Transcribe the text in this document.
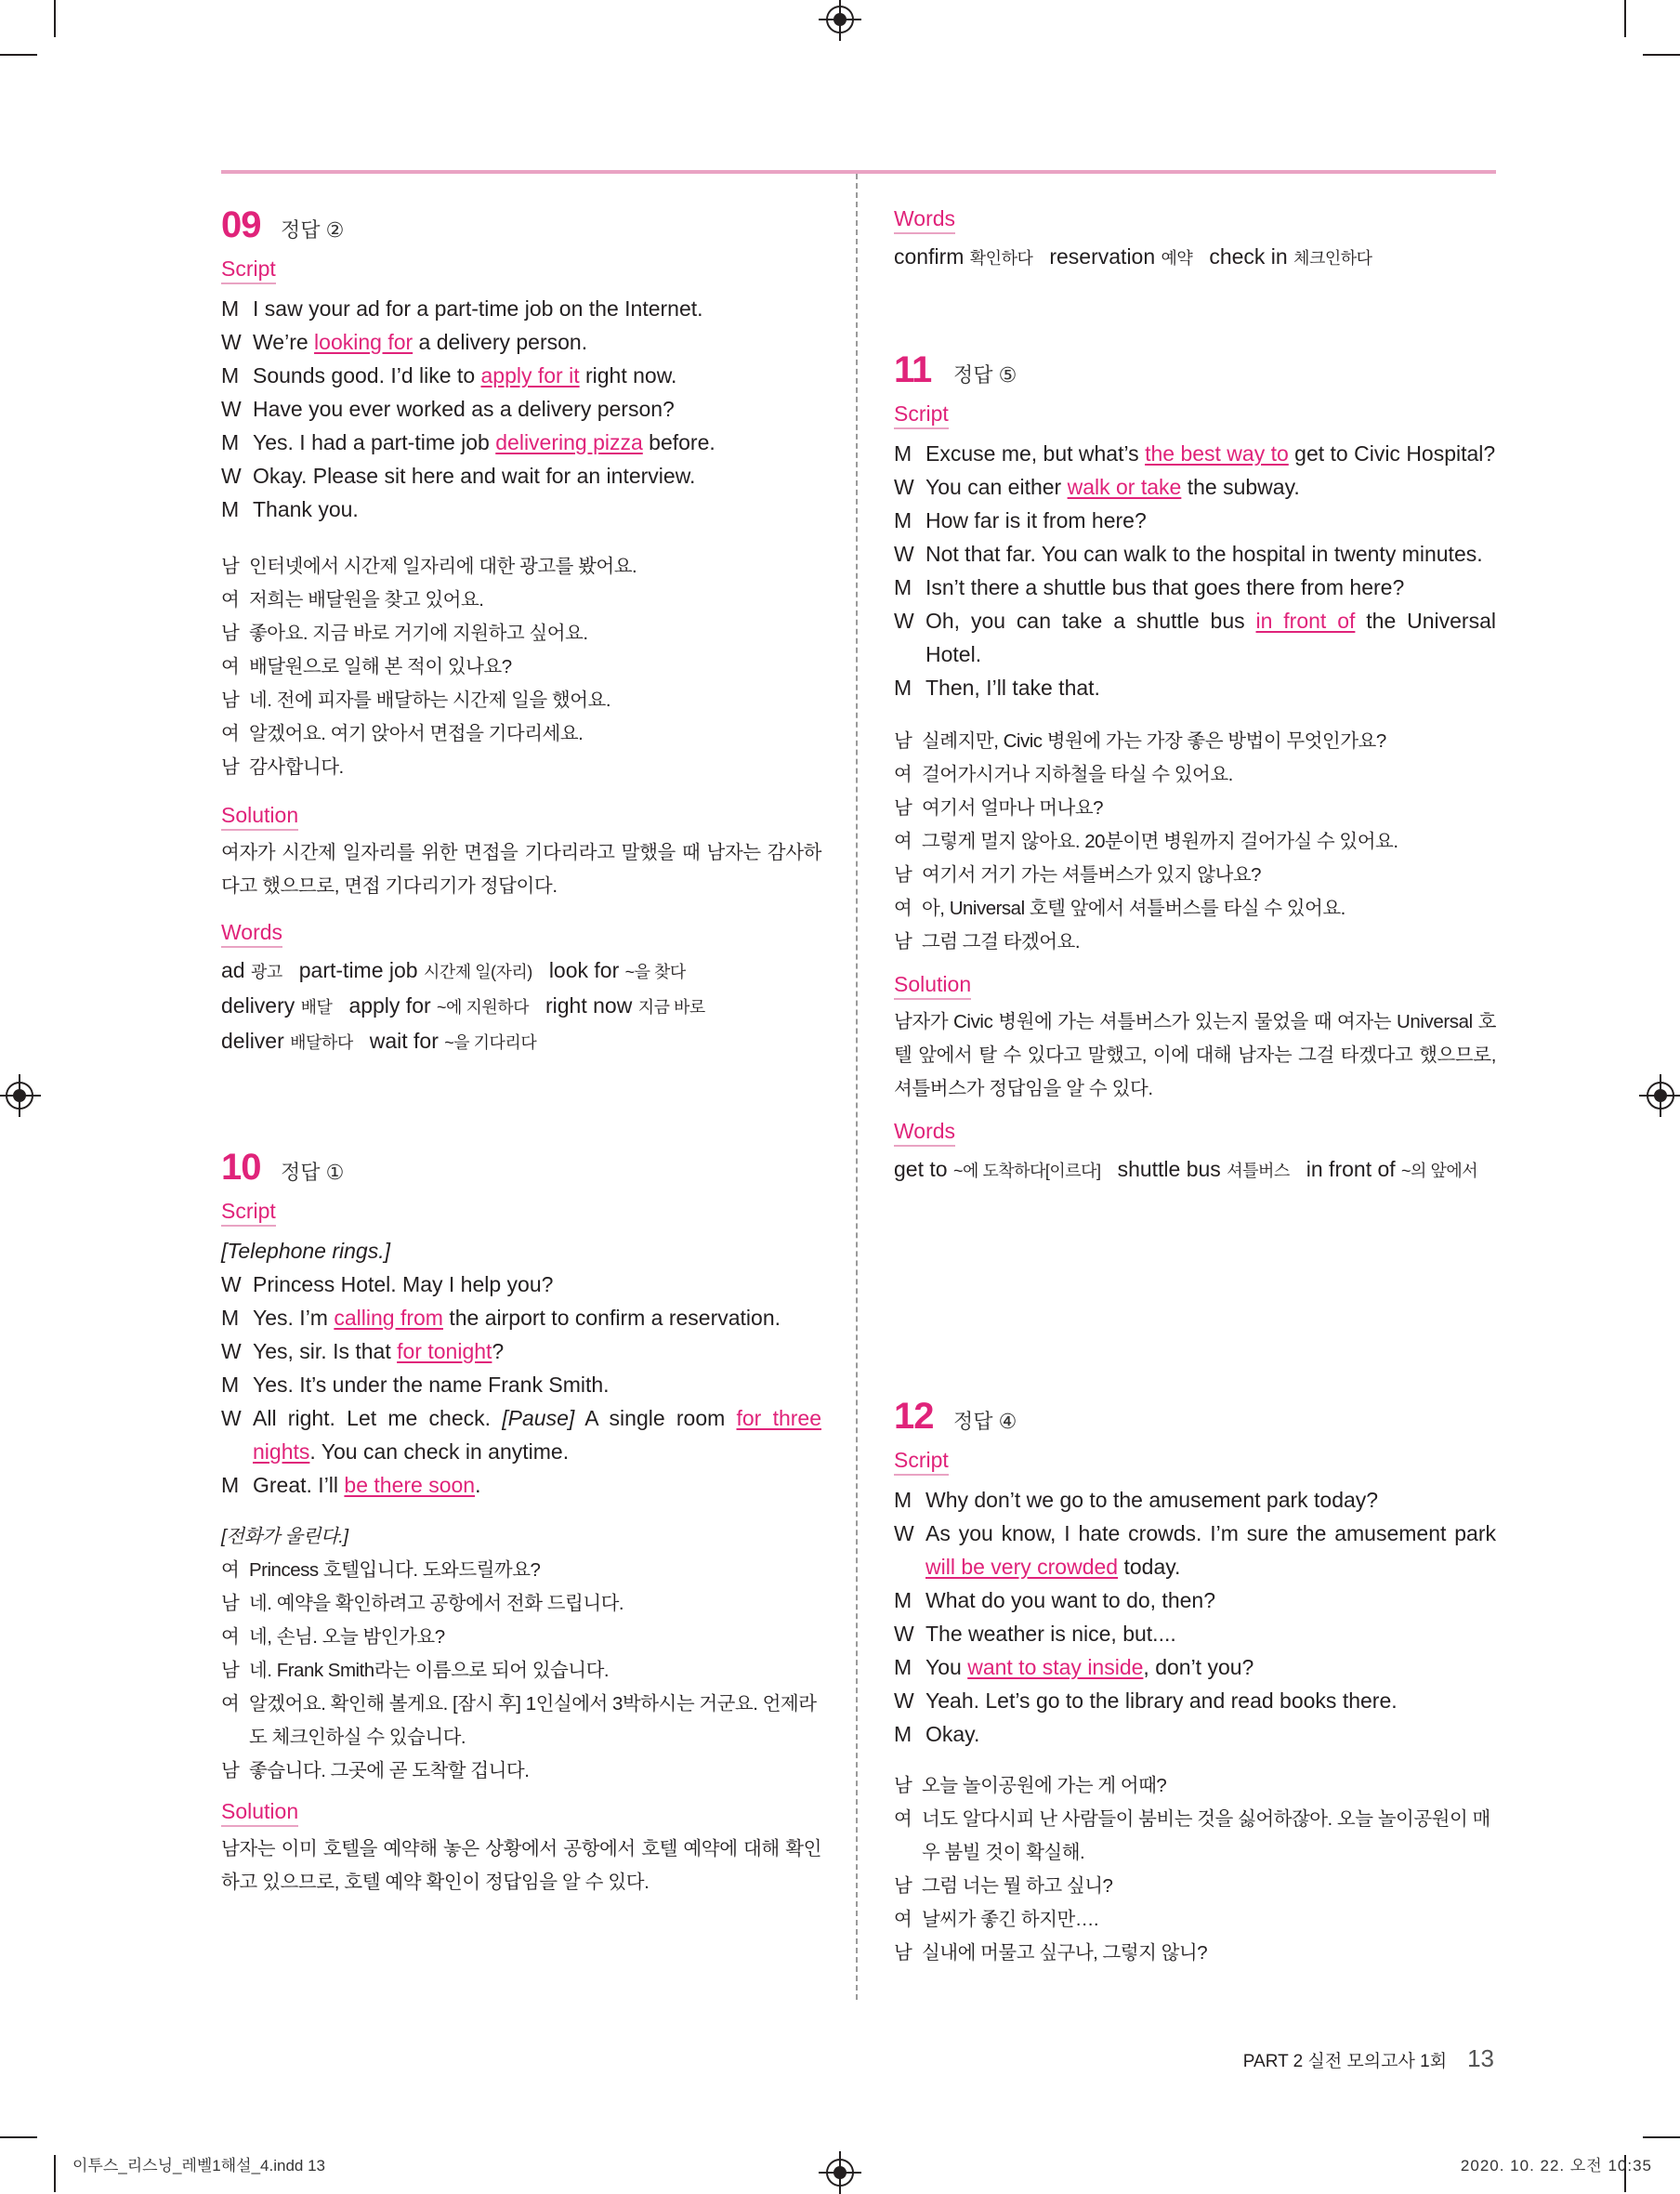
09 정답 ②
Script
M I saw your ad for a part-time job on the Internet.
W We’re looking for a delivery person.
M Sounds good. I’d like to apply for it right now.
W Have you ever worked as a delivery person?
M Yes. I had a part-time job delivering pizza before.
W Okay. Please sit here and wait for an interview.
M Thank you.
남 인터넷에서 시간제 일자리에 대한 광고를 봤어요.
여 저희는 배달원을 찾고 있어요.
남 좋아요. 지금 바로 거기에 지원하고 싶어요.
여 배달원으로 일해 본 적이 있나요?
남 네. 전에 피자를 배달하는 시간제 일을 했어요.
여 알겠어요. 여기 앉아서 면접을 기다리세요.
남 감사합니다.
Solution
여자가 시간제 일자리를 위한 면접을 기다리라고 말했을 때 남자는 감사하다고 했으므로, 면접 기다리기가 정답이다.
Words
ad 광고 part-time job 시간제 일(자리) look for ~을 찾다
delivery 배달 apply for ~에 지원하다 right now 지금 바로
deliver 배달하다 wait for ~을 기다리다
10 정답 ①
Script
[Telephone rings.]
W Princess Hotel. May I help you?
M Yes. I’m calling from the airport to confirm a reservation.
W Yes, sir. Is that for tonight?
M Yes. It’s under the name Frank Smith.
W All right. Let me check. [Pause] A single room for three nights. You can check in anytime.
M Great. I’ll be there soon.
[전화가 울린다.]
여 Princess 호텔입니다. 도와드릴까요?
남 네. 예약을 확인하려고 공항에서 전화 드립니다.
여 네, 손님. 오늘 밤인가요?
남 네. Frank Smith라는 이름으로 되어 있습니다.
여 알겠어요. 확인해 볼게요. [잠시 후] 1인실에서 3박하시는 거군요. 언제라도 체크인하실 수 있습니다.
남 좋습니다. 그곳에 곧 도착할 겁니다.
Solution
남자는 이미 호텔을 예약해 놓은 상황에서 공항에서 호텔 예약에 대해 확인하고 있으므로, 호텔 예약 확인이 정답임을 알 수 있다.
Words
confirm 확인하다 reservation 예약 check in 체크인하다
11	정답 ⑤
Script
M Excuse me, but what’s the best way to get to Civic Hospital?
W You can either walk or take the subway.
M How far is it from here?
W Not that far. You can walk to the hospital in twenty minutes.
M Isn’t there a shuttle bus that goes there from here?
W Oh, you can take a shuttle bus in front of the Universal Hotel.
M Then, I’ll take that.
남 실례지만, Civic 병원에 가는 가장 좋은 방법이 무엇인가요?
여 걸어가시거나 지하철을 타실 수 있어요.
남 여기서 얼마나 머나요?
여 그렇게 멀지 않아요. 20분이면 병원까지 걸어가실 수 있어요.
남 여기서 거기 가는 셔틀버스가 있지 않나요?
여 아, Universal 호텔 앞에서 셔틀버스를 타실 수 있어요.
남 그럼 그걸 타겠어요.
Solution
남자가 Civic 병원에 가는 셔틀버스가 있는지 물었을 때 여자는 Universal 호텔 앞에서 탈 수 있다고 말했고, 이에 대해 남자는 그걸 타겠다고 했으므로, 셔틀버스가 정답임을 알 수 있다.
Words
get to ~에 도착하다[이르다] shuttle bus 셔틀버스 in front of ~의 앞에서
12 정답 ④
Script
M Why don’t we go to the amusement park today?
W As you know, I hate crowds. I’m sure the amusement park will be very crowded today.
M What do you want to do, then?
W The weather is nice, but....
M You want to stay inside, don’t you?
W Yeah. Let’s go to the library and read books there.
M Okay.
남 오늘 놀이공원에 가는 게 어때?
여 너도 알다시피 난 사람들이 붐비는 것을 싫어하잖아. 오늘 놀이공원이 매우 붐빌 것이 확실해.
남 그럼 너는 뭘 하고 싶니?
여 날씨가 좋긴 하지만….
남 실내에 머물고 싶구나, 그렇지 않니?
PART 2 실전 모의고사 1회 13
이투스_리스닝_레벨1해설_4.indd 13	2020. 10. 22. 오전 10:35
